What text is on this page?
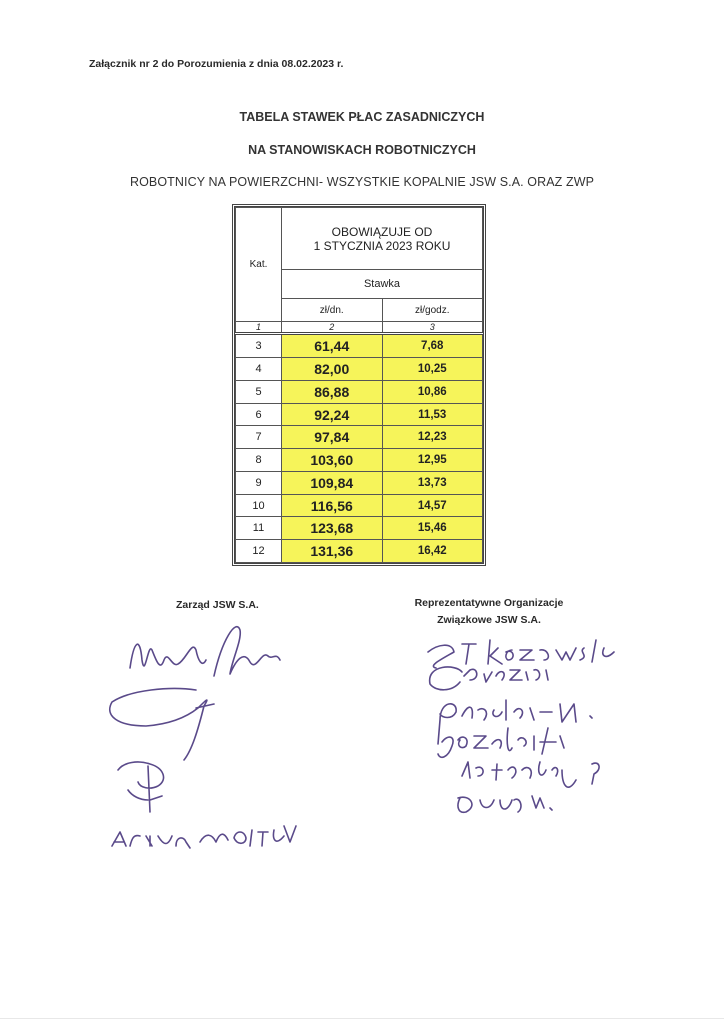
Załącznik nr 2 do Porozumienia z dnia 08.02.2023 r.
TABELA STAWEK PŁAC ZASADNICZYCH
NA STANOWISKACH ROBOTNICZYCH
ROBOTNICY NA POWIERZCHNI- WSZYSTKIE KOPALNIE JSW S.A. ORAZ ZWP
Kat.	OBOWIĄZUJE OD
1 STYCZNIA 2023 ROKU	
	Stawka	
	zł/dn.	zł/godz.
1	2	3
3	61,44	7,68
4	82,00	10,25
5	86,88	10,86
6	92,24	11,53
7	97,84	12,23
8	103,60	12,95
9	109,84	13,73
10	116,56	14,57
11	123,68	15,46
12	131,36	16,42
Zarząd JSW S.A.	Reprezentatywne Organizacje
Związkowe JSW S.A.
